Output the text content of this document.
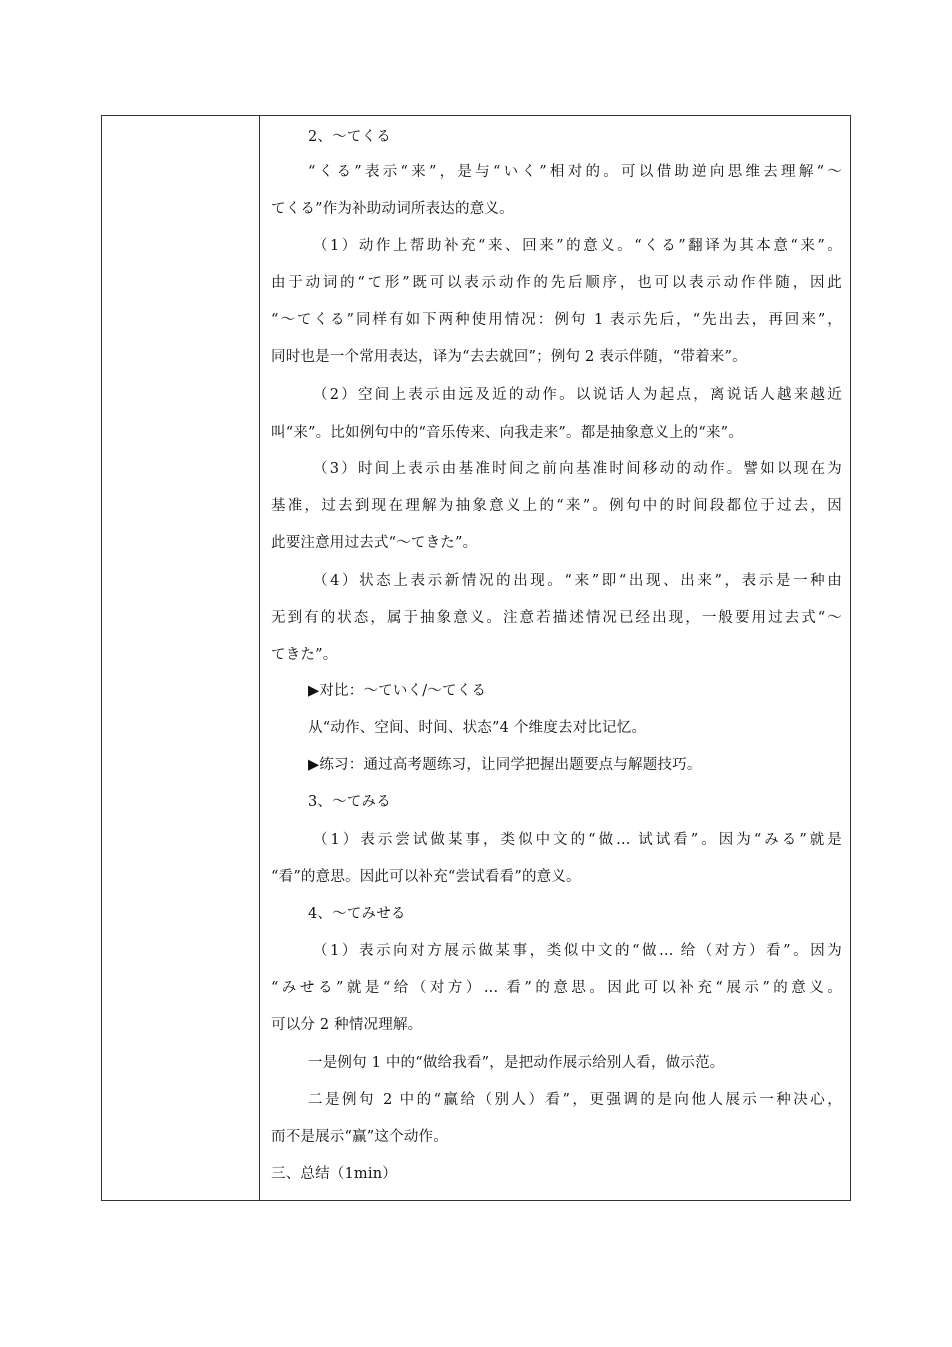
2、～てくる
“くる”表示“来”，是与“いく”相对的。可以借助逆向思维去理解“～
てくる”作为补助动词所表达的意义。
（1）动作上帮助补充“来、回来”的意义。“くる”翻译为其本意“来”。
由于动词的“て形”既可以表示动作的先后顺序，也可以表示动作伴随，因此
“～てくる”同样有如下两种使用情况：例句 1 表示先后，“先出去，再回来”，
同时也是一个常用表达，译为“去去就回”；例句 2 表示伴随，“带着来”。
（2）空间上表示由远及近的动作。以说话人为起点，离说话人越来越近
叫“来”。比如例句中的“音乐传来、向我走来”。都是抽象意义上的“来”。
（3）时间上表示由基准时间之前向基准时间移动的动作。譬如以现在为
基准，过去到现在理解为抽象意义上的“来”。例句中的时间段都位于过去，因
此要注意用过去式“～てきた”。
（4）状态上表示新情况的出现。“来”即“出现、出来”，表示是一种由
无到有的状态，属于抽象意义。注意若描述情况已经出现，一般要用过去式“～
てきた”。
▶对比：～ていく/～てくる
从“动作、空间、时间、状态”4 个维度去对比记忆。
▶练习：通过高考题练习，让同学把握出题要点与解题技巧。
3、～てみる
（1）表示尝试做某事，类似中文的“做... 试试看”。因为“みる”就是
“看”的意思。因此可以补充“尝试看看”的意义。
4、～てみせる
（1）表示向对方展示做某事，类似中文的“做... 给（对方）看”。因为
“みせる”就是“给（对方）... 看”的意思。因此可以补充“展示”的意义。
可以分 2 种情况理解。
一是例句 1 中的“做给我看”，是把动作展示给别人看，做示范。
二是例句 2 中的“赢给（别人）看”，更强调的是向他人展示一种决心，
而不是展示“赢”这个动作。
三、总结（1min）
